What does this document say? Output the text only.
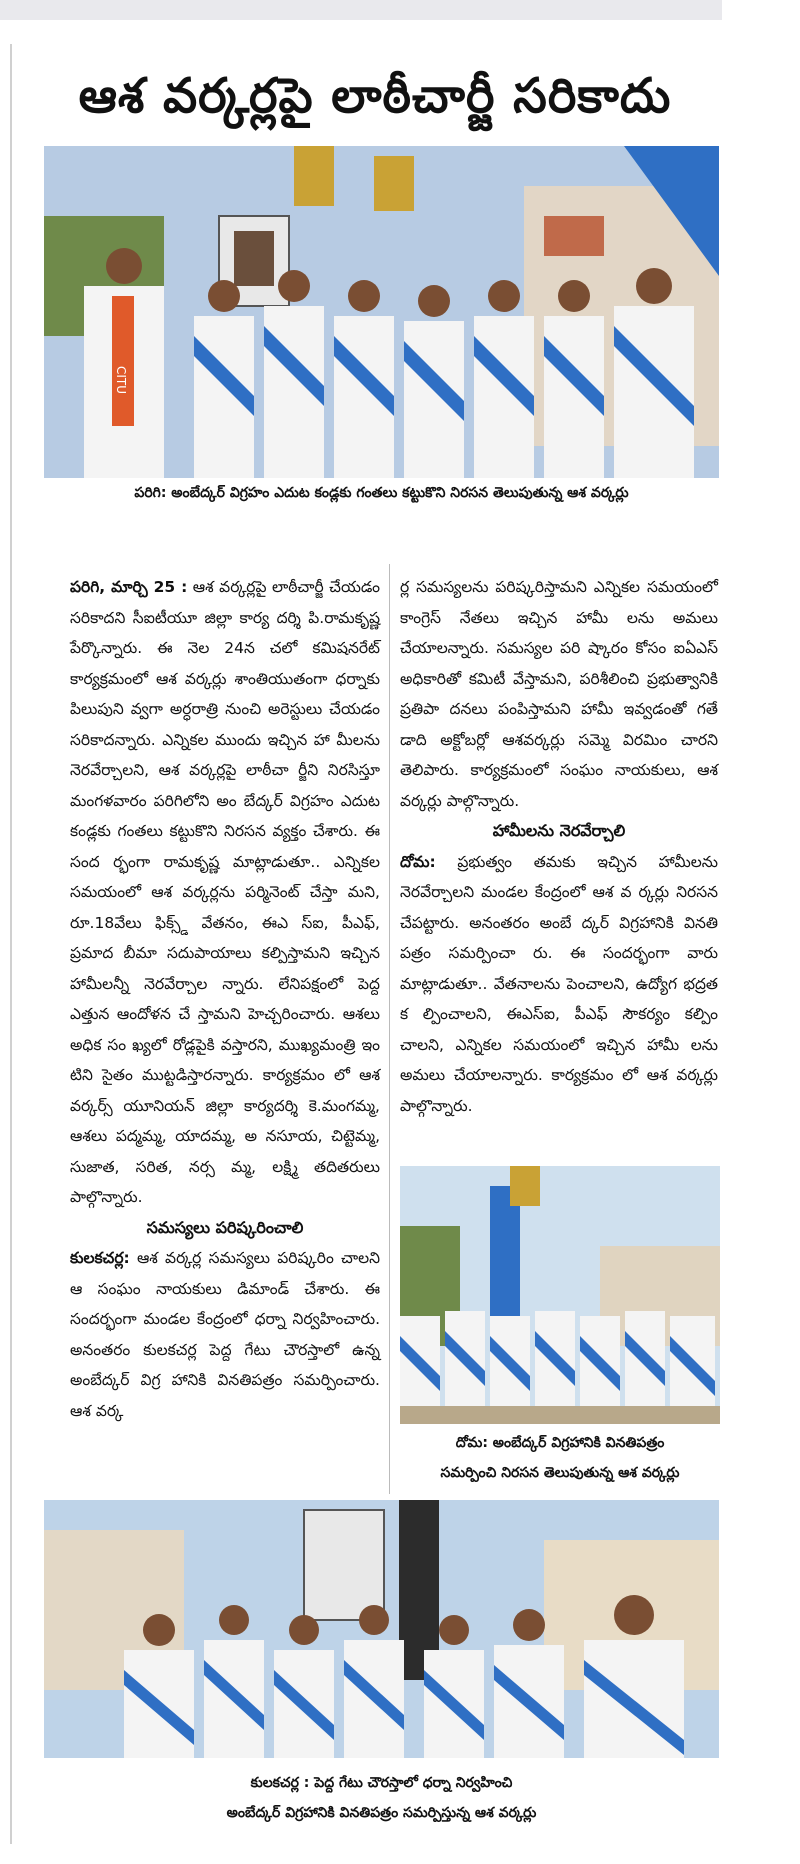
ఆశ వర్కర్లపై లాఠీచార్జీ సరికాదు
CITU
పరిగి: అంబేద్కర్ విగ్రహం ఎదుట కండ్లకు గంతలు కట్టుకొని నిరసన తెలుపుతున్న ఆశ వర్కర్లు

పరిగి, మార్చి 25 : ఆశ వర్కర్లపై లాఠీచార్జీ చేయడం సరికాదని సీఐటీయూ జిల్లా కార్య దర్శి పి.రామకృష్ణ పేర్కొన్నారు. ఈ నెల 24న చలో కమిషనరేట్ కార్యక్రమంలో ఆశ వర్కర్లు శాంతియుతంగా ధర్నాకు పిలుపుని వ్వగా అర్ధరాత్రి నుంచి అరెస్టులు చేయడం సరికాదన్నారు. ఎన్నికల ముందు ఇచ్చిన హా మీలను నెరవేర్చాలని, ఆశ వర్కర్లపై లాఠీచా ర్జీని నిరసిస్తూ మంగళవారం పరిగిలోని అం బేద్కర్ విగ్రహం ఎదుట కండ్లకు గంతలు కట్టుకొని నిరసన వ్యక్తం చేశారు. ఈ సంద ర్భంగా రామకృష్ణ మాట్లాడుతూ.. ఎన్నికల సమయంలో ఆశ వర్కర్లను పర్మినెంట్ చేస్తా మని, రూ.18వేలు ఫిక్స్డ్ వేతనం, ఈఎ స్ఐ, పీఎఫ్, ప్రమాద బీమా సదుపాయాలు కల్పిస్తామని ఇచ్చిన హామీలన్నీ నెరవేర్చాల న్నారు. లేనిపక్షంలో పెద్ద ఎత్తున ఆందోళన చే స్తామని హెచ్చరించారు. ఆశలు అధిక సం ఖ్యలో రోడ్లపైకి వస్తారని, ముఖ్యమంత్రి ఇం టిని సైతం ముట్టడిస్తారన్నారు. కార్యక్రమం లో ఆశ వర్కర్స్ యూనియన్ జిల్లా కార్యదర్శి కె.మంగమ్మ, ఆశలు పద్మమ్మ, యాదమ్మ, అ నసూయ, చిట్టెమ్మ, సుజాత, సరిత, నర్స మ్మ, లక్ష్మి తదితరులు పాల్గొన్నారు.

సమస్యలు పరిష్కరించాలి

కులకచర్ల: ఆశ వర్కర్ల సమస్యలు పరిష్కరిం చాలని ఆ సంఘం నాయకులు డిమాండ్ చేశారు. ఈ సందర్భంగా మండల కేంద్రంలో ధర్నా నిర్వహించారు. అనంతరం కులకచర్ల పెద్ద గేటు చౌరస్తాలో ఉన్న అంబేద్కర్ విగ్ర హానికి వినతిపత్రం సమర్పించారు. ఆశ వర్క

ర్ల సమస్యలను పరిష్కరిస్తామని ఎన్నికల సమయంలో కాంగ్రెస్ నేతలు ఇచ్చిన హామీ లను అమలు చేయాలన్నారు. సమస్యల పరి ష్కారం కోసం ఐఏఎస్ అధికారితో కమిటీ వేస్తామని, పరిశీలించి ప్రభుత్వానికి ప్రతిపా దనలు పంపిస్తామని హామీ ఇవ్వడంతో గతే డాది అక్టోబర్లో ఆశవర్కర్లు సమ్మె విరమిం చారని తెలిపారు. కార్యక్రమంలో సంఘం నాయకులు, ఆశ వర్కర్లు పాల్గొన్నారు.

హామీలను నెరవేర్చాలి

దోమ: ప్రభుత్వం తమకు ఇచ్చిన హామీలను నెరవేర్చాలని మండల కేంద్రంలో ఆశ వ ర్కర్లు నిరసన చేపట్టారు. అనంతరం అంబే ద్కర్ విగ్రహానికి వినతి పత్రం సమర్పించా రు. ఈ సందర్భంగా వారు మాట్లాడుతూ.. వేతనాలను పెంచాలని, ఉద్యోగ భద్రత క ల్పించాలని, ఈఎస్ఐ, పీఎఫ్ సౌకర్యం కల్పిం చాలని, ఎన్నికల సమయంలో ఇచ్చిన హామీ లను అమలు చేయాలన్నారు. కార్యక్రమం లో ఆశ వర్కర్లు పాల్గొన్నారు.

దోమ: అంబేద్కర్ విగ్రహానికి వినతిపత్రం
సమర్పించి నిరసన తెలుపుతున్న ఆశ వర్కర్లు
కులకచర్ల : పెద్ద గేటు చౌరస్తాలో ధర్నా నిర్వహించి
అంబేద్కర్ విగ్రహానికి వినతిపత్రం సమర్పిస్తున్న ఆశ వర్కర్లు
